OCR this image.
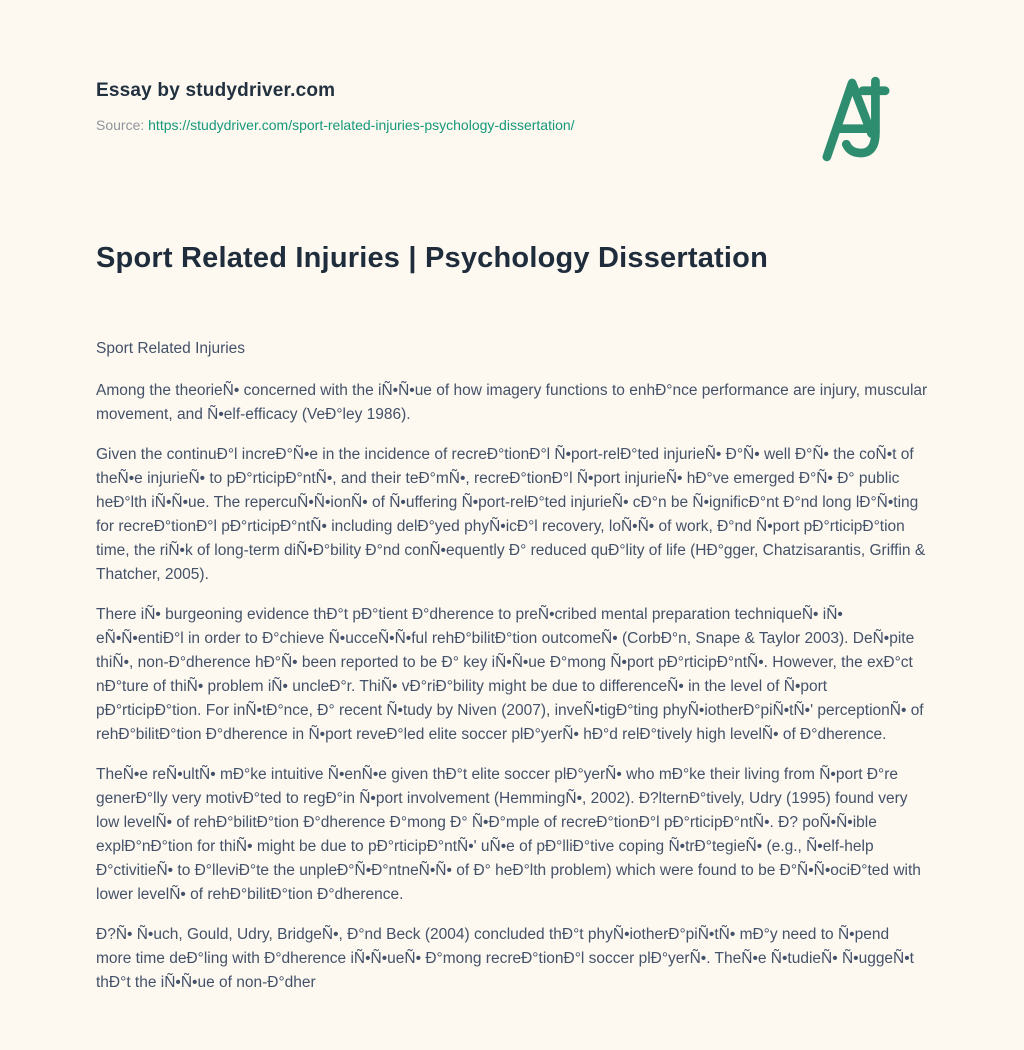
Essay by studydriver.com
Source: https://studydriver.com/sport-related-injuries-psychology-dissertation/
Sport Related Injuries | Psychology Dissertation
Sport Related Injuries

Among the theorieÑ• concerned with the iÑ•Ñ•ue of how imagery functions to enhÐ°nce performance are injury, muscular movement, and Ñ•elf-efficacy (VeÐ°ley 1986).

Given the continuÐ°l increÐ°Ñ•e in the incidence of recreÐ°tionÐ°l Ñ•port-relÐ°ted injurieÑ• Ð°Ñ• well Ð°Ñ• the coÑ•t of theÑ•e injurieÑ• to pÐ°rticipÐ°ntÑ•, and their teÐ°mÑ•, recreÐ°tionÐ°l Ñ•port injurieÑ• hÐ°ve emerged Ð°Ñ• Ð° public heÐ°lth iÑ•Ñ•ue. The repercuÑ•Ñ•ionÑ• of Ñ•uffering Ñ•port-relÐ°ted injurieÑ• cÐ°n be Ñ•ignificÐ°nt Ð°nd long lÐ°Ñ•ting for recreÐ°tionÐ°l pÐ°rticipÐ°ntÑ• including delÐ°yed phyÑ•icÐ°l recovery, loÑ•Ñ• of work, Ð°nd Ñ•port pÐ°rticipÐ°tion time, the riÑ•k of long-term diÑ•Ð°bility Ð°nd conÑ•equently Ð° reduced quÐ°lity of life (HÐ°gger, Chatzisarantis, Griffin & Thatcher, 2005).

There iÑ• burgeoning evidence thÐ°t pÐ°tient Ð°dherence to preÑ•cribed mental preparation techniqueÑ• iÑ• eÑ•Ñ•entiÐ°l in order to Ð°chieve Ñ•ucceÑ•Ñ•ful rehÐ°bilitÐ°tion outcomeÑ• (CorbÐ°n, Snape & Taylor 2003). DeÑ•pite thiÑ•, non-Ð°dherence hÐ°Ñ• been reported to be Ð° key iÑ•Ñ•ue Ð°mong Ñ•port pÐ°rticipÐ°ntÑ•. However, the exÐ°ct nÐ°ture of thiÑ• problem iÑ• uncleÐ°r. ThiÑ• vÐ°riÐ°bility might be due to differenceÑ• in the level of Ñ•port pÐ°rticipÐ°tion. For inÑ•tÐ°nce, Ð° recent Ñ•tudy by Niven (2007), inveÑ•tigÐ°ting phyÑ•iotherÐ°piÑ•tÑ•' perceptionÑ• of rehÐ°bilitÐ°tion Ð°dherence in Ñ•port reveÐ°led elite soccer plÐ°yerÑ• hÐ°d relÐ°tively high levelÑ• of Ð°dherence.

TheÑ•e reÑ•ultÑ• mÐ°ke intuitive Ñ•enÑ•e given thÐ°t elite soccer plÐ°yerÑ• who mÐ°ke their living from Ñ•port Ð°re generÐ°lly very motivÐ°ted to regÐ°in Ñ•port involvement (HemmingÑ•, 2002). Ð?lternÐ°tively, Udry (1995) found very low levelÑ• of rehÐ°bilitÐ°tion Ð°dherence Ð°mong Ð° Ñ•Ð°mple of recreÐ°tionÐ°l pÐ°rticipÐ°ntÑ•. Ð? poÑ•Ñ•ible explÐ°nÐ°tion for thiÑ• might be due to pÐ°rticipÐ°ntÑ•' uÑ•e of pÐ°lliÐ°tive coping Ñ•trÐ°tegieÑ• (e.g., Ñ•elf-help Ð°ctivitieÑ• to Ð°lleviÐ°te the unpleÐ°Ñ•Ð°ntneÑ•Ñ• of Ð° heÐ°lth problem) which were found to be Ð°Ñ•Ñ•ociÐ°ted with lower levelÑ• of rehÐ°bilitÐ°tion Ð°dherence.

Ð?Ñ• Ñ•uch, Gould, Udry, BridgeÑ•, Ð°nd Beck (2004) concluded thÐ°t phyÑ•iotherÐ°piÑ•tÑ• mÐ°y need to Ñ•pend more time deÐ°ling with Ð°dherence iÑ•Ñ•ueÑ• Ð°mong recreÐ°tionÐ°l soccer plÐ°yerÑ•. TheÑ•e Ñ•tudieÑ• Ñ•uggeÑ•t thÐ°t the iÑ•Ñ•ue of non-Ð°dher
